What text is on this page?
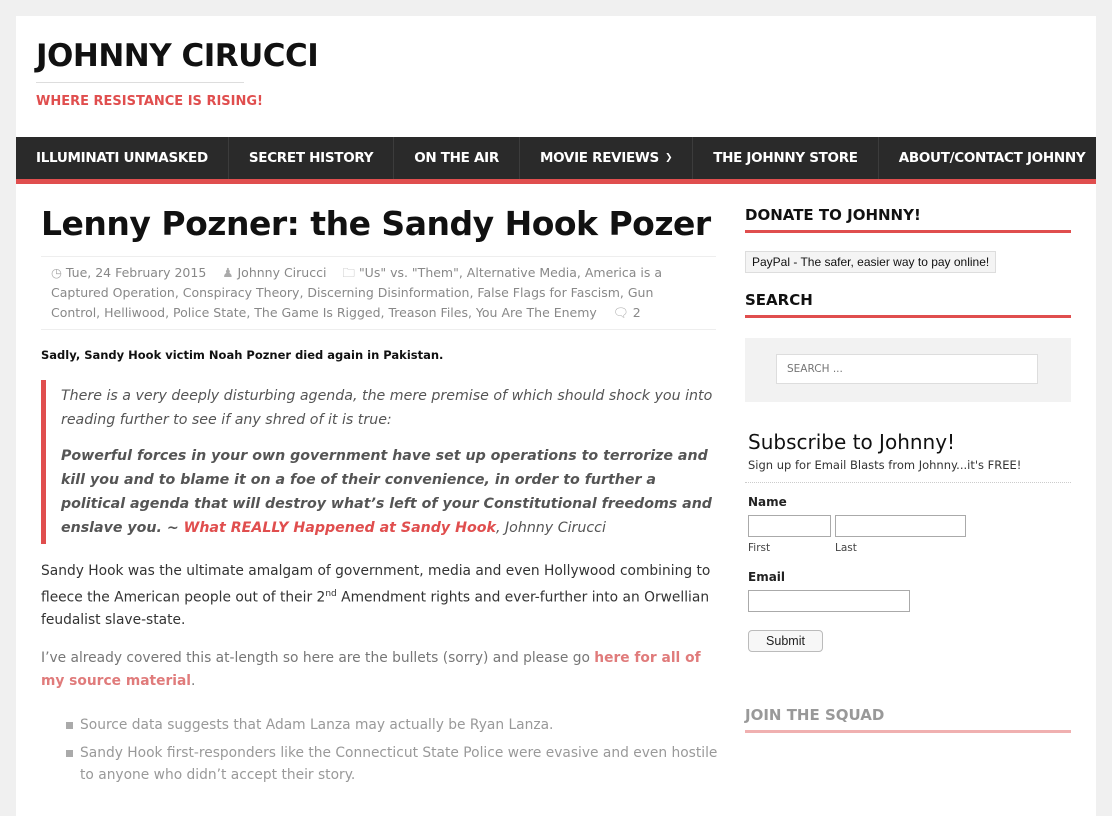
JOHNNY CIRUCCI
WHERE RESISTANCE IS RISING!
ILLUMINATI UNMASKED	SECRET HISTORY	ON THE AIR	MOVIE REVIEWS ❯	THE JOHNNY STORE	ABOUT/CONTACT JOHNNY
Lenny Pozner: the Sandy Hook Pozer
◷ Tue, 24 February 2015 ♟ Johnny Cirucci 🗀 "Us" vs. "Them", Alternative Media, America is a Captured Operation, Conspiracy Theory, Discerning Disinformation, False Flags for Fascism, Gun Control, Helliwood, Police State, The Game Is Rigged, Treason Files, You Are The Enemy 🗨 2

Sadly, Sandy Hook victim Noah Pozner died again in Pakistan.

There is a very deeply disturbing agenda, the mere premise of which should shock you into reading further to see if any shred of it is true:

Powerful forces in your own government have set up operations to terrorize and kill you and to blame it on a foe of their convenience, in order to further a political agenda that will destroy what’s left of your Constitutional freedoms and enslave you. ~ What REALLY Happened at Sandy Hook, Johnny Cirucci

Sandy Hook was the ultimate amalgam of government, media and even Hollywood combining to fleece the American people out of their 2nd Amendment rights and ever-further into an Orwellian feudalist slave-state.

I’ve already covered this at-length so here are the bullets (sorry) and please go here for all of my source material.

Source data suggests that Adam Lanza may actually be Ryan Lanza.
Sandy Hook first-responders like the Connecticut State Police were evasive and even hostile to anyone who didn’t accept their story.
DONATE TO JOHNNY!
PayPal - The safer, easier way to pay online!
SEARCH
SEARCH ...
Subscribe to Johnny!
Sign up for Email Blasts from Johnny...it's FREE!
Name
First	Last
Email
Submit
JOIN THE SQUAD
